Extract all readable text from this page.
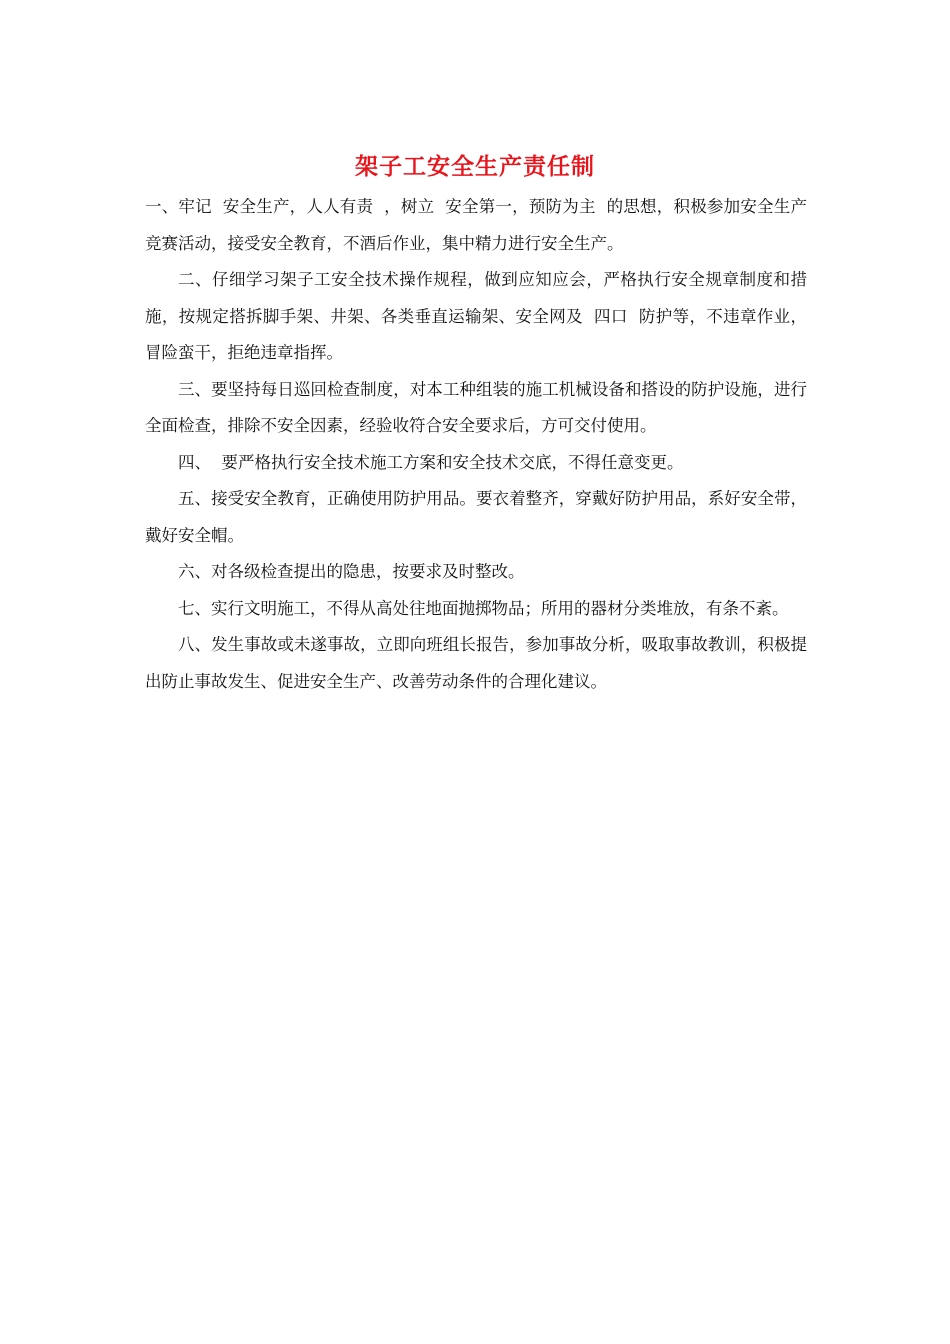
架子工安全生产责任制

一、牢记  安全生产，人人有责  ，树立  安全第一，预防为主  的思想，积极参加安全生产竞赛活动，接受安全教育，不酒后作业，集中精力进行安全生产。

二、仔细学习架子工安全技术操作规程，做到应知应会，严格执行安全规章制度和措施，按规定搭拆脚手架、井架、各类垂直运输架、安全网及  四口  防护等，不违章作业，冒险蛮干，拒绝违章指挥。

三、要坚持每日巡回检查制度，对本工种组装的施工机械设备和搭设的防护设施，进行全面检查，排除不安全因素，经验收符合安全要求后，方可交付使用。

四、  要严格执行安全技术施工方案和安全技术交底，不得任意变更。

五、接受安全教育，正确使用防护用品。要衣着整齐，穿戴好防护用品，系好安全带，戴好安全帽。

六、对各级检查提出的隐患，按要求及时整改。

七、实行文明施工，不得从高处往地面抛掷物品；所用的器材分类堆放，有条不紊。

八、发生事故或未遂事故，立即向班组长报告，参加事故分析，吸取事故教训，积极提出防止事故发生、促进安全生产、改善劳动条件的合理化建议。
